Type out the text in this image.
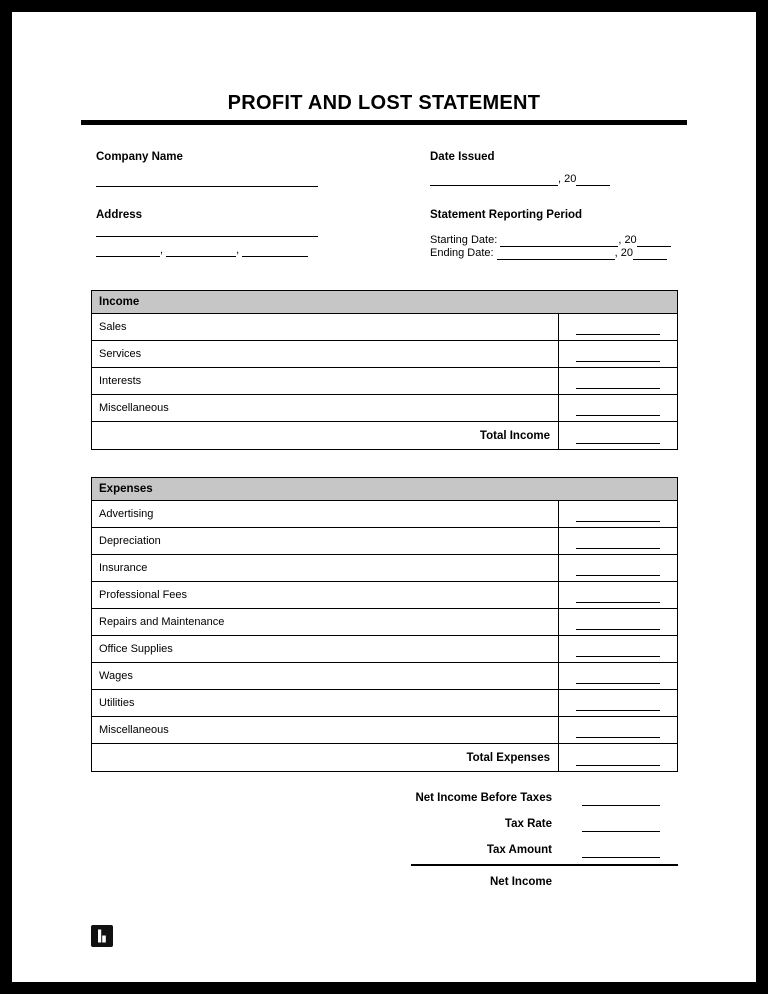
PROFIT AND LOST STATEMENT
Company Name
Address
,	,
Date Issued
, 20
Statement Reporting Period
Starting Date:	, 20
Ending Date:	, 20
Income
Sales
Services
Interests
Miscellaneous
Total Income
Expenses
Advertising
Depreciation
Insurance
Professional Fees
Repairs and Maintenance
Office Supplies
Wages
Utilities
Miscellaneous
Total Expenses
Net Income Before Taxes
Tax Rate
Tax Amount
Net Income
